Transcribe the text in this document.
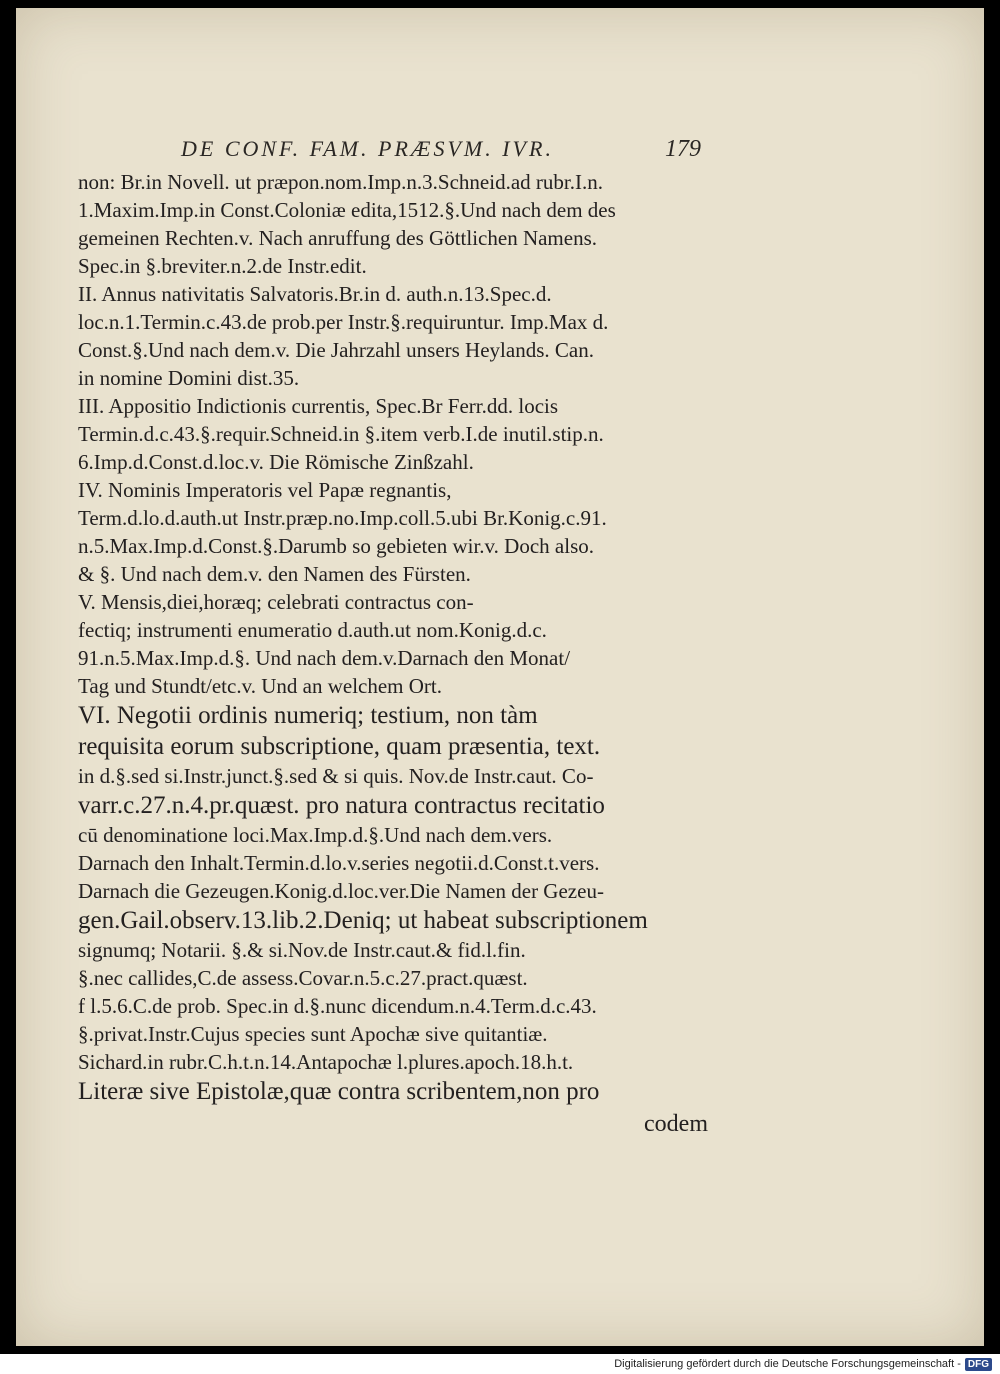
DE CONF. FAM. PRÆSVM. IVR.	179
non: Br.in Novell. ut præpon.nom.Imp.n.3.Schneid.ad rubr.I.n.
1.Maxim.Imp.in Const.Coloniæ edita,1512.§.Und nach dem des
gemeinen Rechten.v. Nach anruffung des Göttlichen Namens.
Spec.in §.breviter.n.2.de Instr.edit.
II. Annus nativitatis Salvatoris.Br.in d. auth.n.13.Spec.d.
loc.n.1.Termin.c.43.de prob.per Instr.§.requiruntur. Imp.Max d.
Const.§.Und nach dem.v. Die Jahrzahl unsers Heylands. Can.
in nomine Domini dist.35.
III. Appositio Indictionis currentis, Spec.Br Ferr.dd. locis
Termin.d.c.43.§.requir.Schneid.in §.item verb.I.de inutil.stip.n.
6.Imp.d.Const.d.loc.v. Die Römische Zinßzahl.
IV. Nominis Imperatoris vel Papæ regnantis,
Term.d.lo.d.auth.ut Instr.præp.no.Imp.coll.5.ubi Br.Konig.c.91.
n.5.Max.Imp.d.Const.§.Darumb so gebieten wir.v. Doch also.
& §. Und nach dem.v. den Namen des Fürsten.
V. Mensis,diei,horæq; celebrati contractus con-
fectiq; instrumenti enumeratio d.auth.ut nom.Konig.d.c.
91.n.5.Max.Imp.d.§. Und nach dem.v.Darnach den Monat/
Tag und Stundt/etc.v. Und an welchem Ort.
VI. Negotii ordinis numeriq; testium, non tàm
requisita eorum subscriptione, quam præsentia, text.
in d.§.sed si.Instr.junct.§.sed & si quis. Nov.de Instr.caut. Co-
varr.c.27.n.4.pr.quæst. pro natura contractus recitatio
cū denominatione loci.Max.Imp.d.§.Und nach dem.vers.
Darnach den Inhalt.Termin.d.lo.v.series negotii.d.Const.t.vers.
Darnach die Gezeugen.Konig.d.loc.ver.Die Namen der Gezeu-
gen.Gail.observ.13.lib.2.Deniq; ut habeat subscriptionem
signumq; Notarii. §.& si.Nov.de Instr.caut.& fid.l.fin.
§.nec callides,C.de assess.Covar.n.5.c.27.pract.quæst.
f l.5.6.C.de prob. Spec.in d.§.nunc dicendum.n.4.Term.d.c.43.
§.privat.Instr.Cujus species sunt Apochæ sive quitantiæ.
Sichard.in rubr.C.h.t.n.14.Antapochæ l.plures.apoch.18.h.t.
Literæ sive Epistolæ,quæ contra scribentem,non pro
codem
Digitalisierung gefördert durch die Deutsche Forschungsgemeinschaft - DFG
